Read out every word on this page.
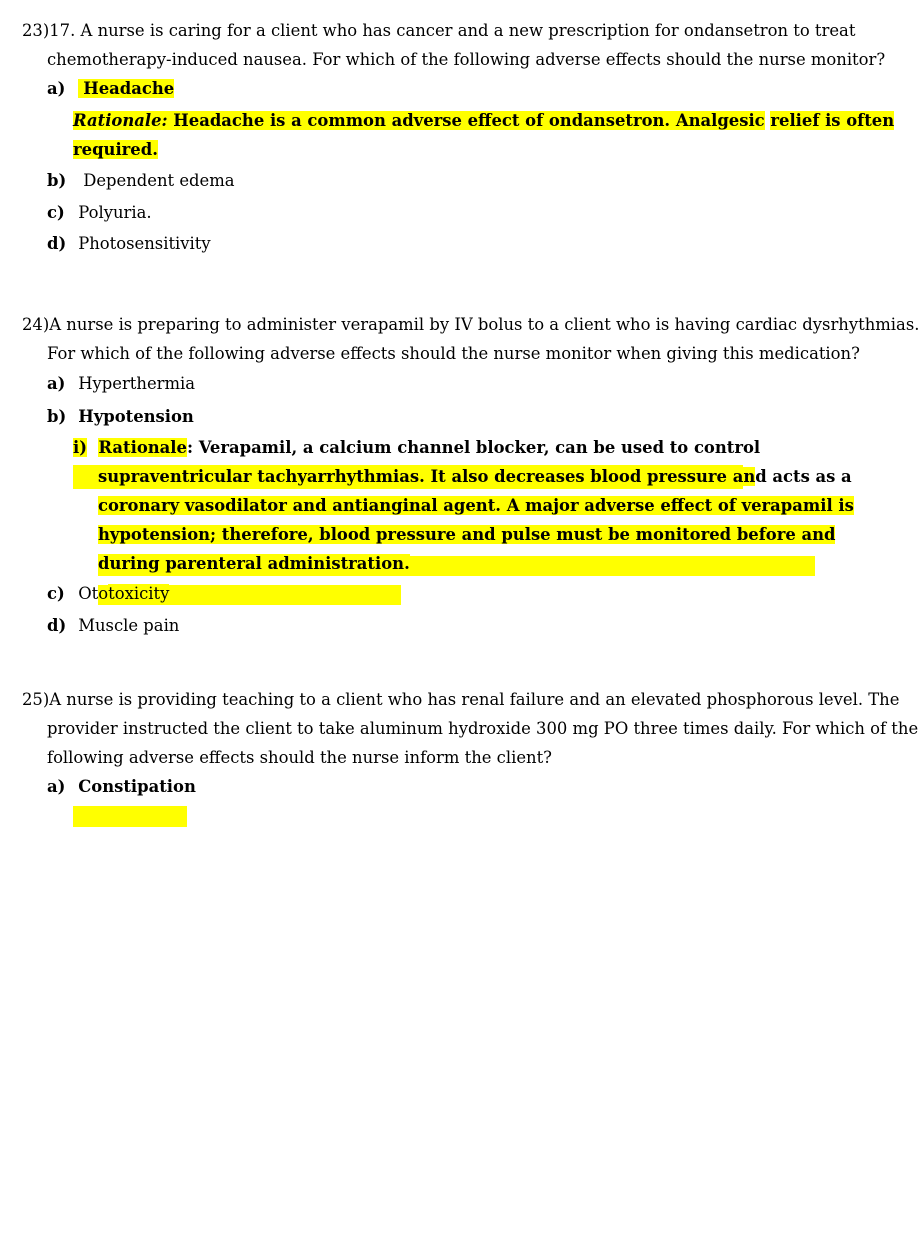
23)17. A nurse is caring for a client who has cancer and a new prescription for ondansetron to treat
chemotherapy-induced nausea. For which of the following adverse effects should the nurse monitor?
a) Headache
Rationale: Headache is a common adverse effect of ondansetron. Analgesic relief is often
required.
b) Dependent edema
c) Polyuria.
d) Photosensitivity
24)A nurse is preparing to administer verapamil by IV bolus to a client who is having cardiac dysrhythmias.
For which of the following adverse effects should the nurse monitor when giving this medication?
a) Hyperthermia
b) Hypotension
i) Rationale: Verapamil, a calcium channel blocker, can be used to control
supraventricular tachyarrhythmias. It also decreases blood pressure and acts as a
coronary vasodilator and antianginal agent. A major adverse effect of verapamil is
hypotension; therefore, blood pressure and pulse must be monitored before and
during parenteral administration.
c) Ototoxicity
d) Muscle pain
25)A nurse is providing teaching to a client who has renal failure and an elevated phosphorous level. The
provider instructed the client to take aluminum hydroxide 300 mg PO three times daily. For which of the
following adverse effects should the nurse inform the client?
a) Constipation
